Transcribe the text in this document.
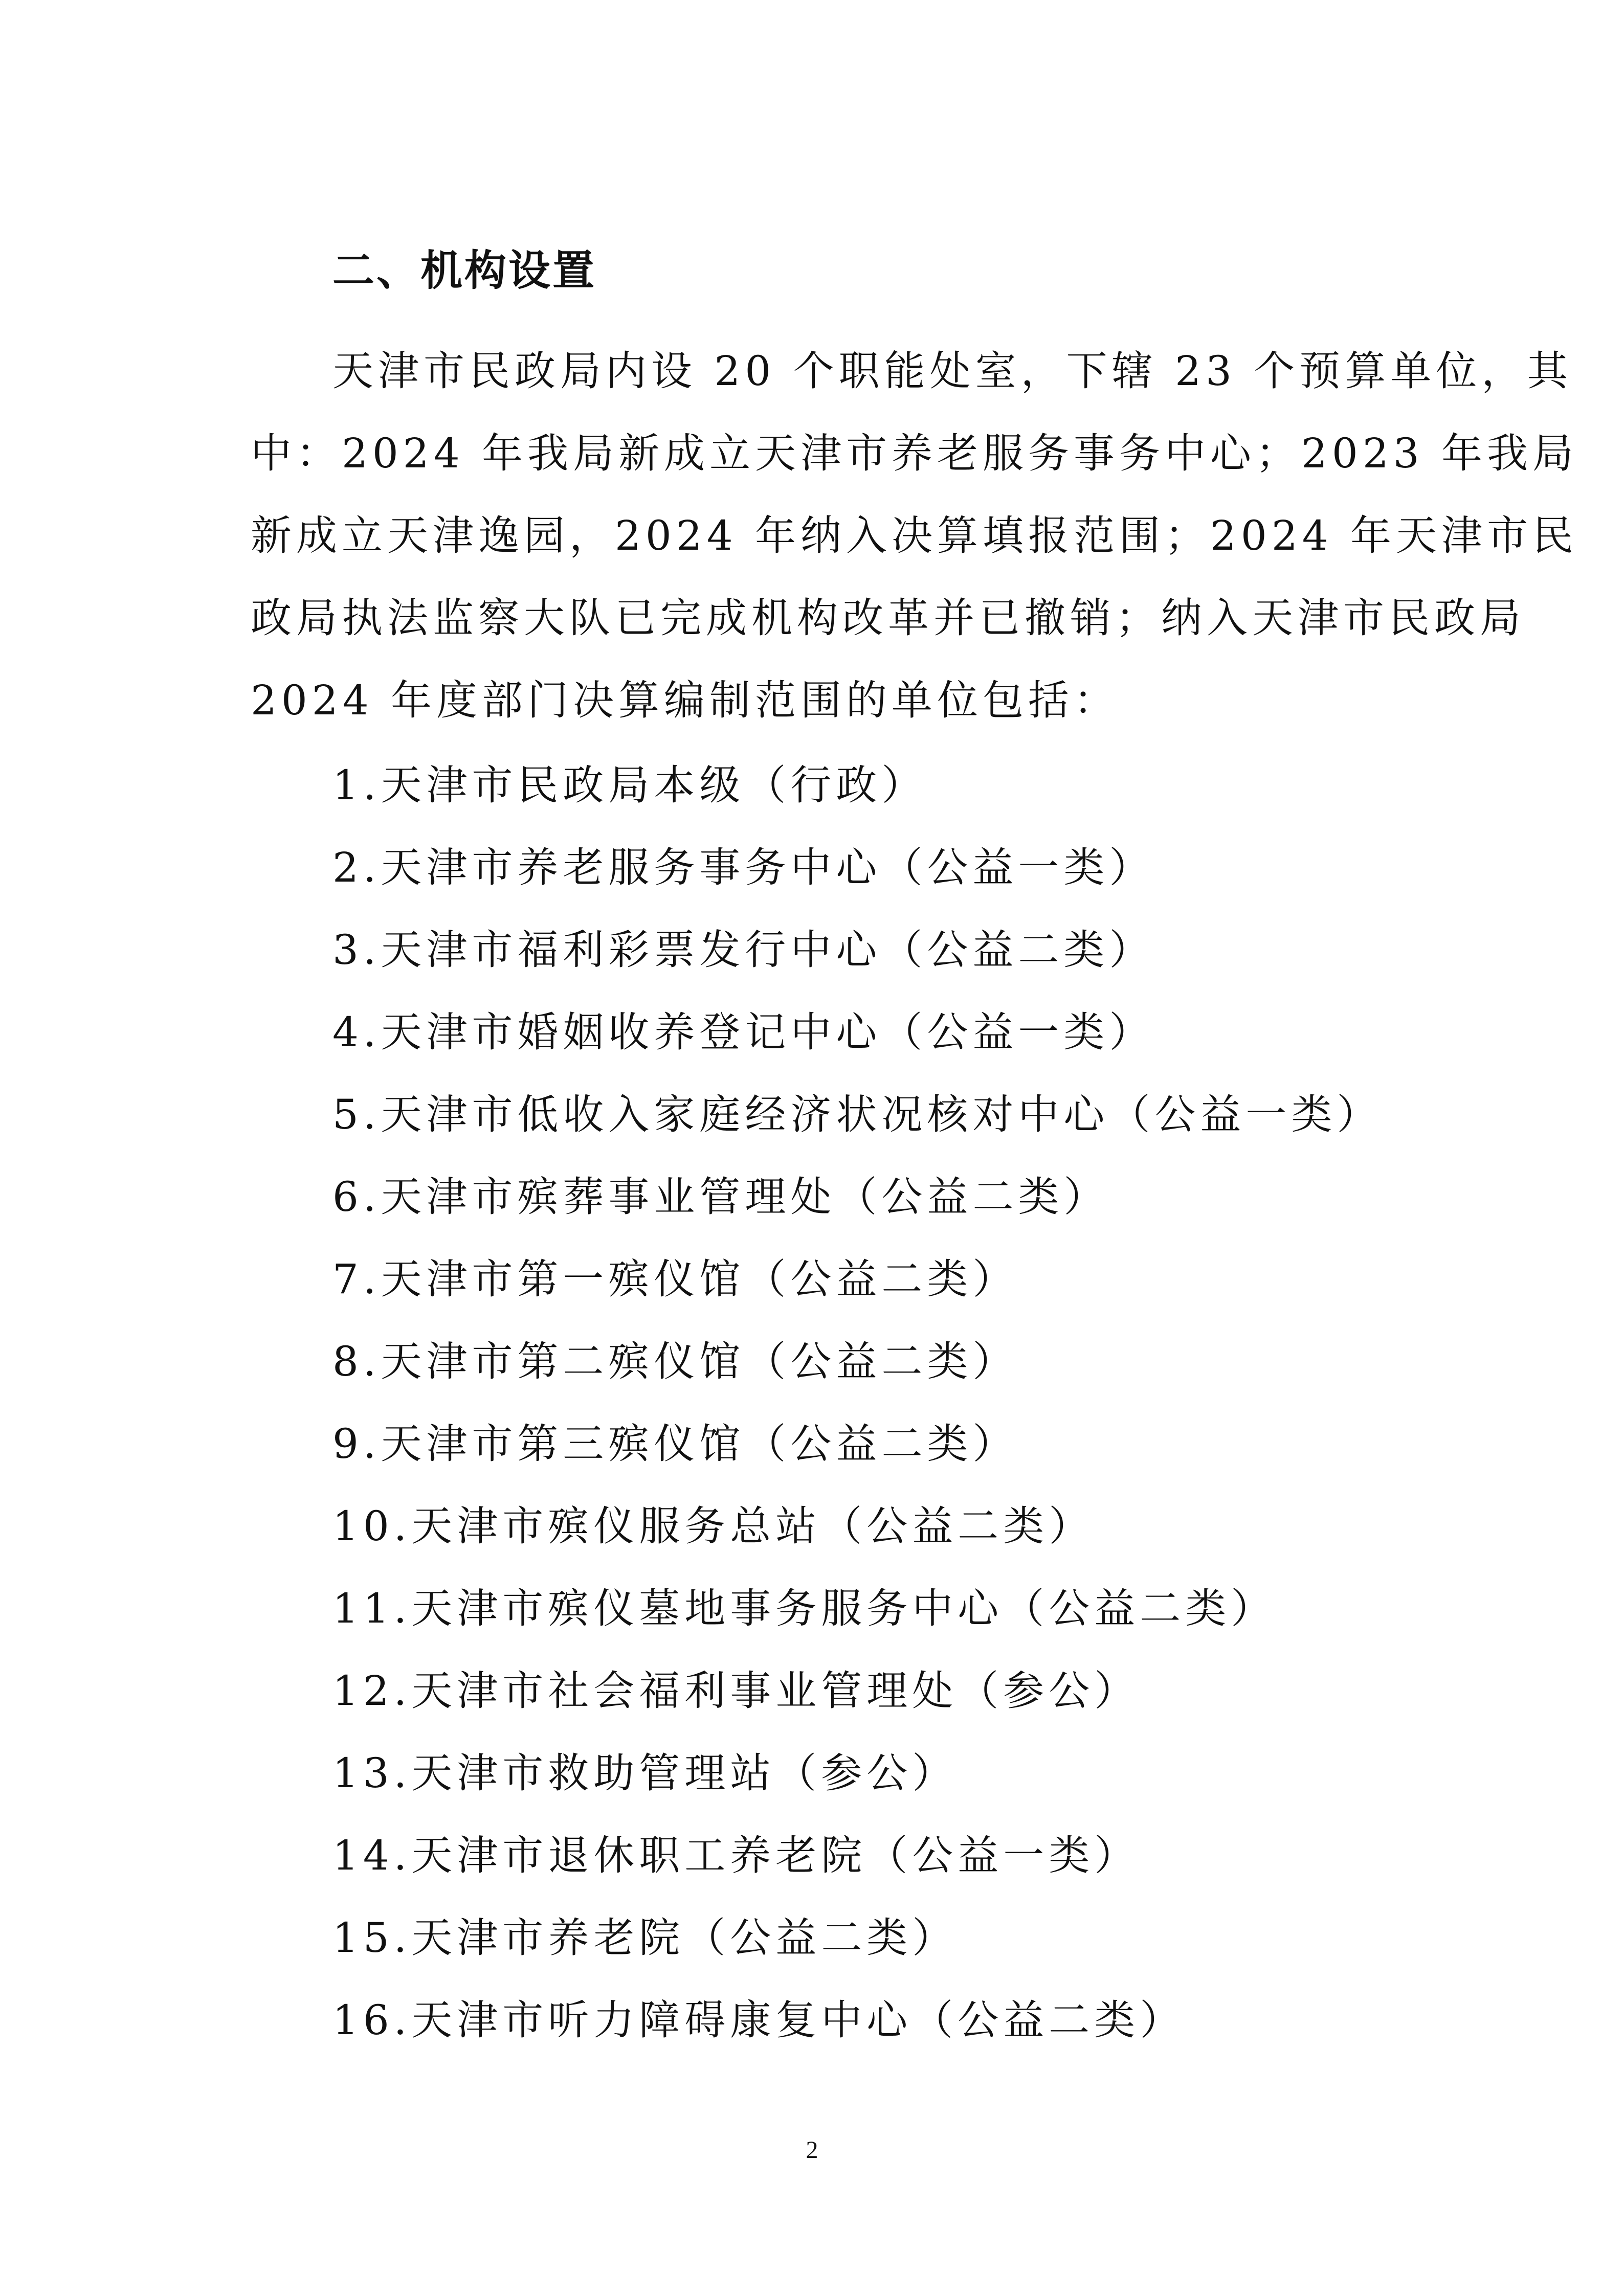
二、机构设置
天津市民政局内设 20 个职能处室，下辖 23 个预算单位，其
中：2024 年我局新成立天津市养老服务事务中心；2023 年我局
新成立天津逸园，2024 年纳入决算填报范围；2024 年天津市民
政局执法监察大队已完成机构改革并已撤销；纳入天津市民政局
2024 年度部门决算编制范围的单位包括：
1.天津市民政局本级（行政）
2.天津市养老服务事务中心（公益一类）
3.天津市福利彩票发行中心（公益二类）
4.天津市婚姻收养登记中心（公益一类）
5.天津市低收入家庭经济状况核对中心（公益一类）
6.天津市殡葬事业管理处（公益二类）
7.天津市第一殡仪馆（公益二类）
8.天津市第二殡仪馆（公益二类）
9.天津市第三殡仪馆（公益二类）
10.天津市殡仪服务总站（公益二类）
11.天津市殡仪墓地事务服务中心（公益二类）
12.天津市社会福利事业管理处（参公）
13.天津市救助管理站（参公）
14.天津市退休职工养老院（公益一类）
15.天津市养老院（公益二类）
16.天津市听力障碍康复中心（公益二类）
2
